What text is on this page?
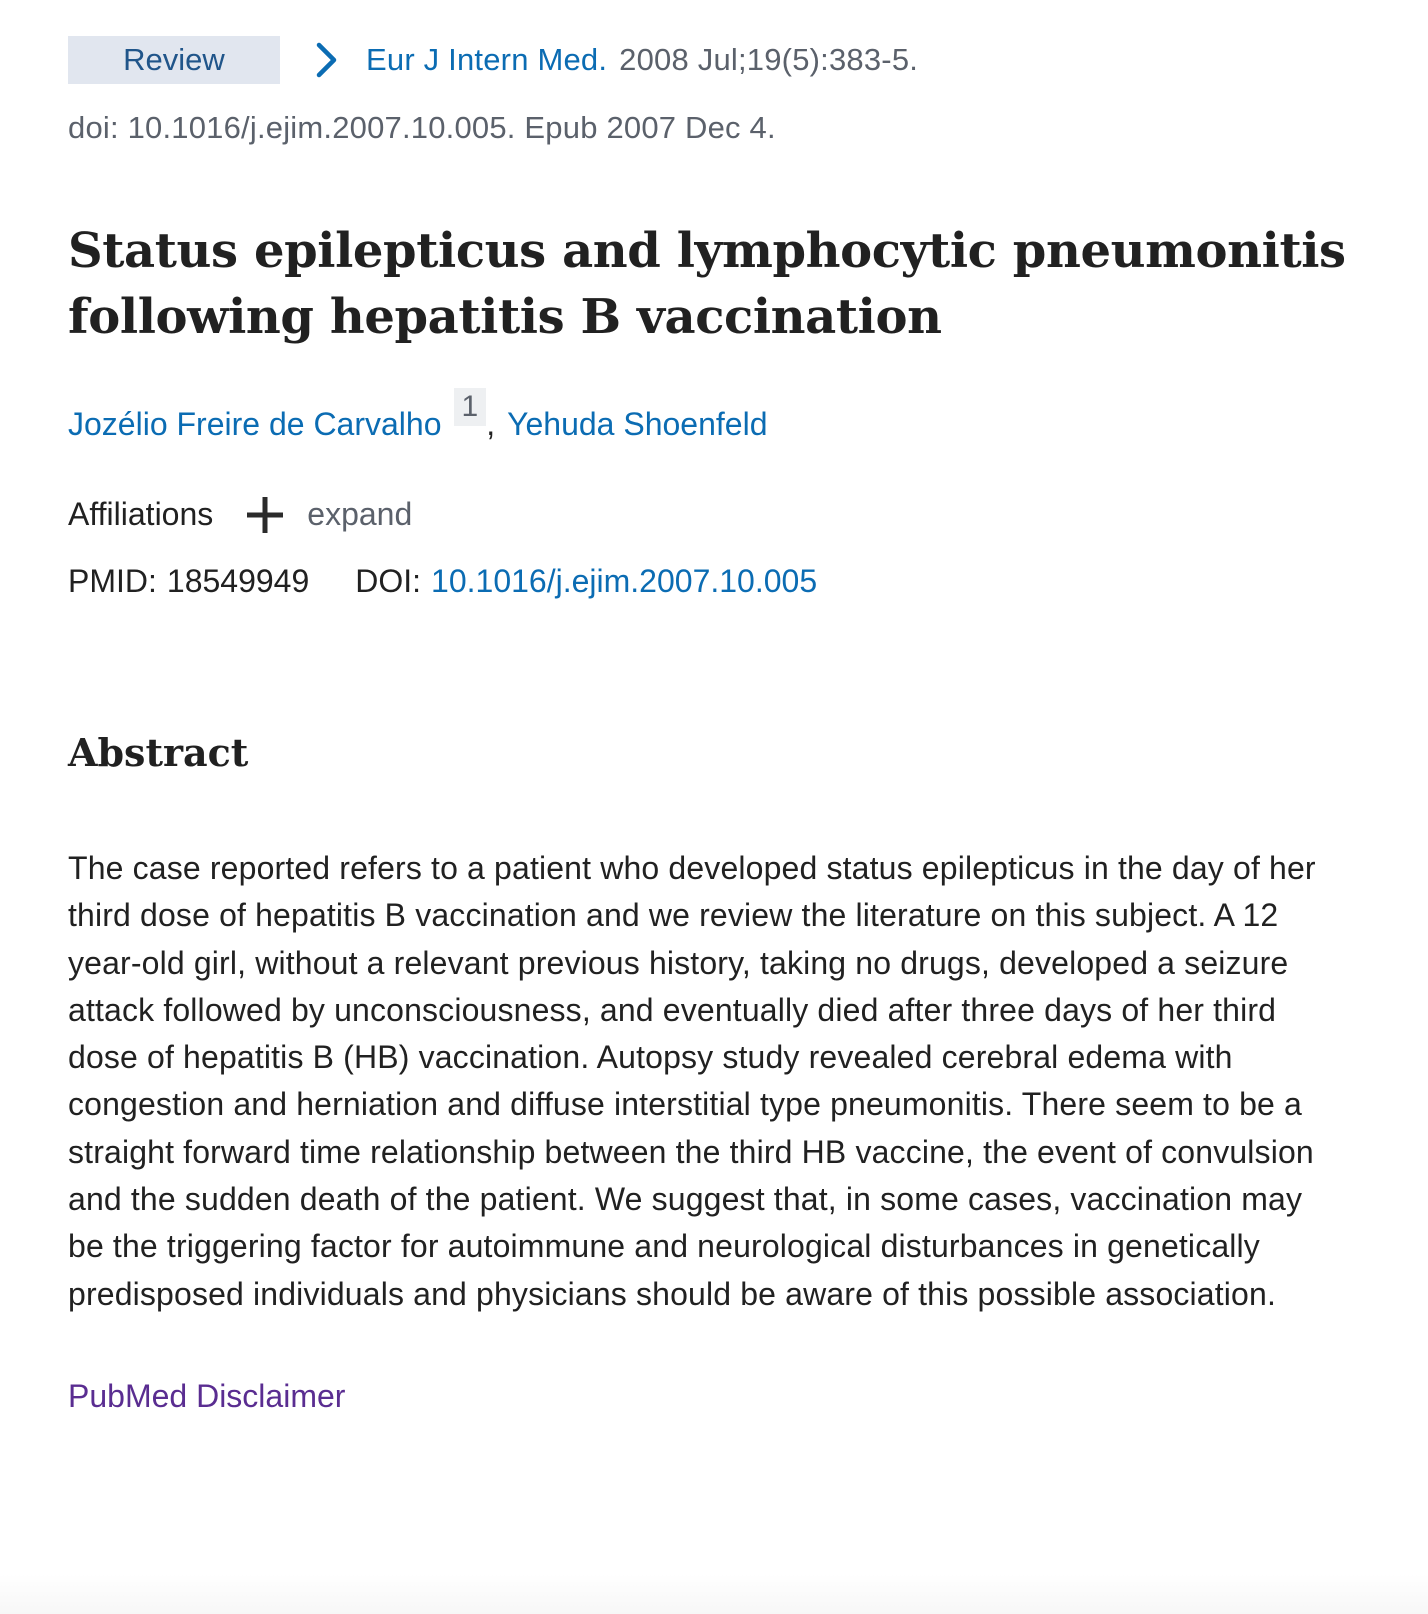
Review	Eur J Intern Med. 2008 Jul;19(5):383-5.
doi: 10.1016/j.ejim.2007.10.005. Epub 2007 Dec 4.
Status epilepticus and lymphocytic pneumonitis following hepatitis B vaccination
Jozélio Freire de Carvalho 1 , Yehuda Shoenfeld
Affiliations	expand
PMID: 18549949 DOI: 10.1016/j.ejim.2007.10.005
Abstract

The case reported refers to a patient who developed status epilepticus in the day of her third dose of hepatitis B vaccination and we review the literature on this subject. A 12 year-old girl, without a relevant previous history, taking no drugs, developed a seizure attack followed by unconsciousness, and eventually died after three days of her third dose of hepatitis B (HB) vaccination. Autopsy study revealed cerebral edema with congestion and herniation and diffuse interstitial type pneumonitis. There seem to be a straight forward time relationship between the third HB vaccine, the event of convulsion and the sudden death of the patient. We suggest that, in some cases, vaccination may be the triggering factor for autoimmune and neurological disturbances in genetically predisposed individuals and physicians should be aware of this possible association.

PubMed Disclaimer
